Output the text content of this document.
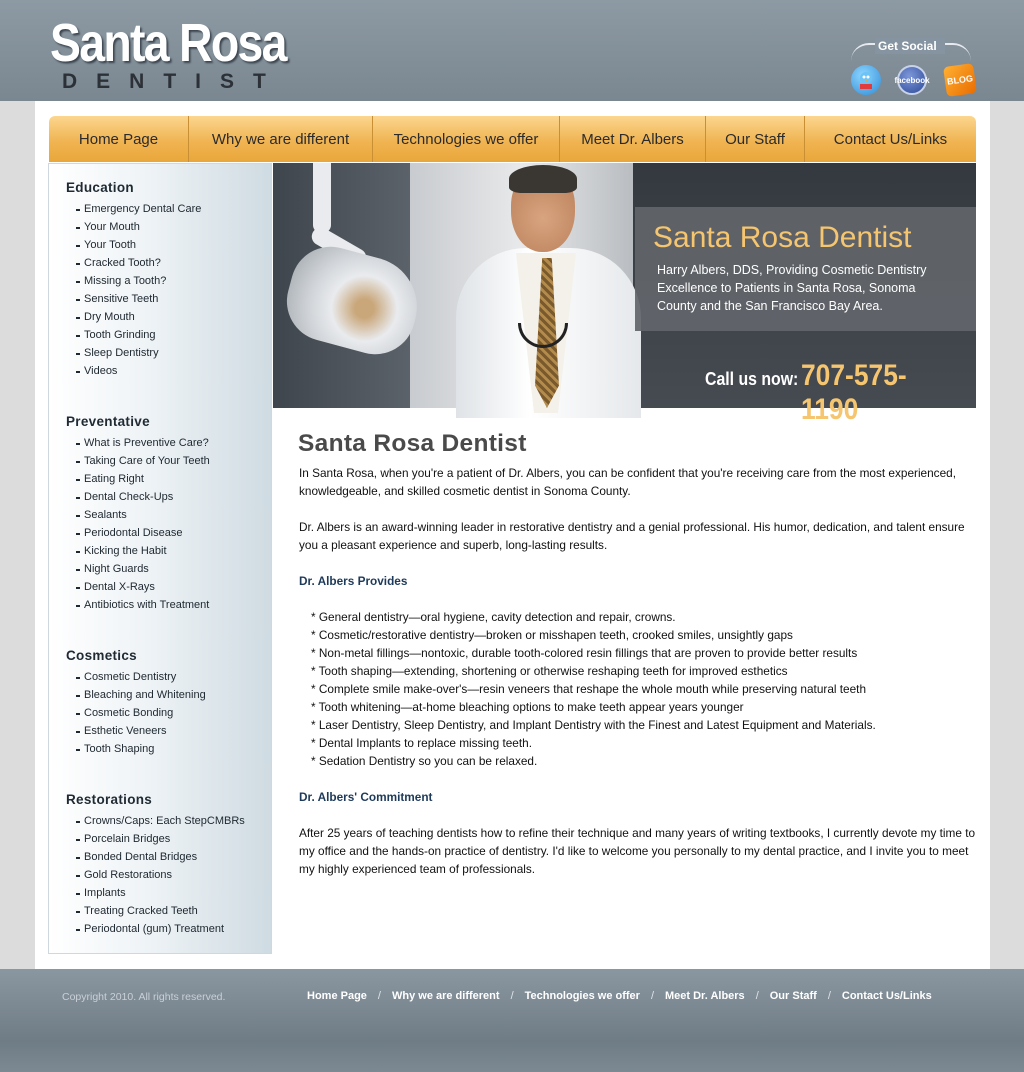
Santa Rosa
DENTIST
Get Social
facebook	BLOG
Home Page	Why we are different	Technologies we offer	Meet Dr. Albers	Our Staff	Contact Us/Links
Education
Emergency Dental Care
Your Mouth
Your Tooth
Cracked Tooth?
Missing a Tooth?
Sensitive Teeth
Dry Mouth
Tooth Grinding
Sleep Dentistry
Videos
Preventative
What is Preventive Care?
Taking Care of Your Teeth
Eating Right
Dental Check-Ups
Sealants
Periodontal Disease
Kicking the Habit
Night Guards
Dental X-Rays
Antibiotics with Treatment
Cosmetics
Cosmetic Dentistry
Bleaching and Whitening
Cosmetic Bonding
Esthetic Veneers
Tooth Shaping
Restorations
Crowns/Caps: Each StepCMBRs
Porcelain Bridges
Bonded Dental Bridges
Gold Restorations
Implants
Treating Cracked Teeth
Periodontal (gum) Treatment
Santa Rosa Dentist
Harry Albers, DDS, Providing Cosmetic Dentistry Excellence to Patients in Santa Rosa, Sonoma County and the San Francisco Bay Area.
Call us now: 707-575-1190
Santa Rosa Dentist

In Santa Rosa, when you're a patient of Dr. Albers, you can be confident that you're receiving care from the most experienced, knowledgeable, and skilled cosmetic dentist in Sonoma County.

Dr. Albers is an award-winning leader in restorative dentistry and a genial professional. His humor, dedication, and talent ensure you a pleasant experience and superb, long-lasting results.

Dr. Albers Provides

* General dentistry—oral hygiene, cavity detection and repair, crowns.
* Cosmetic/restorative dentistry—broken or misshapen teeth, crooked smiles, unsightly gaps
* Non-metal fillings—nontoxic, durable tooth-colored resin fillings that are proven to provide better results
* Tooth shaping—extending, shortening or otherwise reshaping teeth for improved esthetics
* Complete smile make-over's—resin veneers that reshape the whole mouth while preserving natural teeth
* Tooth whitening—at-home bleaching options to make teeth appear years younger
* Laser Dentistry, Sleep Dentistry, and Implant Dentistry with the Finest and Latest Equipment and Materials.
* Dental Implants to replace missing teeth.
* Sedation Dentistry so you can be relaxed.

Dr. Albers' Commitment

After 25 years of teaching dentists how to refine their technique and many years of writing textbooks, I currently devote my time to my office and the hands-on practice of dentistry. I'd like to welcome you personally to my dental practice, and I invite you to meet my highly experienced team of professionals.

Copyright 2010. All rights reserved.	Home Page	/	Why we are different	/	Technologies we offer	/	Meet Dr. Albers	/	Our Staff	/	Contact Us/Links
